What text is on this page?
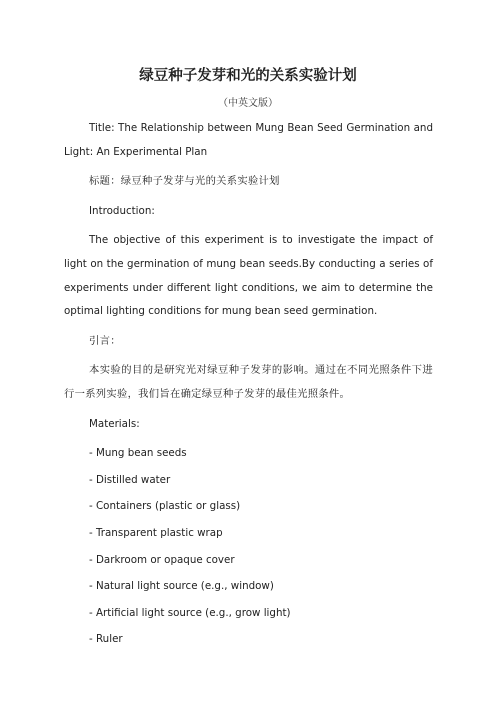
绿豆种子发芽和光的关系实验计划
（中英文版）

Title: The Relationship between Mung Bean Seed Germination and Light: An Experimental Plan

标题：绿豆种子发芽与光的关系实验计划

Introduction:

The objective of this experiment is to investigate the impact of light on the germination of mung bean seeds.By conducting a series of experiments under different light conditions, we aim to determine the optimal lighting conditions for mung bean seed germination.

引言：

本实验的目的是研究光对绿豆种子发芽的影响。通过在不同光照条件下进行一系列实验，我们旨在确定绿豆种子发芽的最佳光照条件。

Materials:

- Mung bean seeds

- Distilled water

- Containers (plastic or glass)

- Transparent plastic wrap

- Darkroom or opaque cover

- Natural light source (e.g., window)

- Artificial light source (e.g., grow light)

- Ruler
